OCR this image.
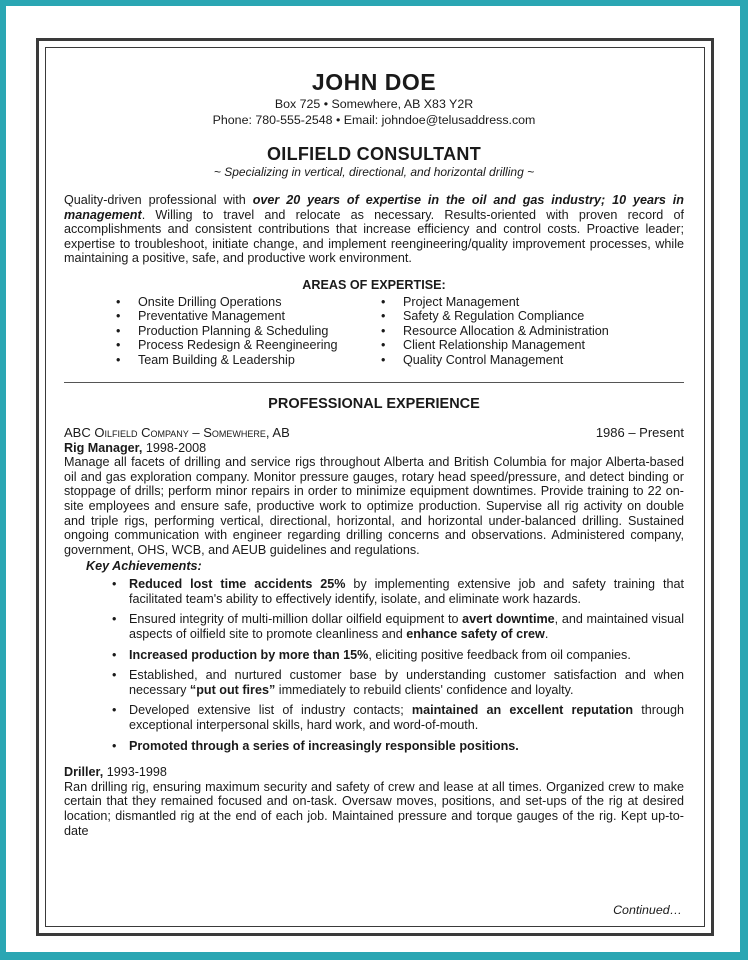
JOHN DOE
Box 725 • Somewhere, AB X83 Y2R
Phone: 780-555-2548 • Email: johndoe@telusaddress.com
OILFIELD CONSULTANT
~ Specializing in vertical, directional, and horizontal drilling ~
Quality-driven professional with over 20 years of expertise in the oil and gas industry; 10 years in management. Willing to travel and relocate as necessary. Results-oriented with proven record of accomplishments and consistent contributions that increase efficiency and control costs. Proactive leader; expertise to troubleshoot, initiate change, and implement reengineering/quality improvement processes, while maintaining a positive, safe, and productive work environment.
AREAS OF EXPERTISE:
• Onsite Drilling Operations
• Preventative Management
• Production Planning & Scheduling
• Process Redesign & Reengineering
• Team Building & Leadership
• Project Management
• Safety & Regulation Compliance
• Resource Allocation & Administration
• Client Relationship Management
• Quality Control Management
PROFESSIONAL EXPERIENCE
ABC Oilfield Company – Somewhere, AB	1986 – Present
Rig Manager, 1998-2008
Manage all facets of drilling and service rigs throughout Alberta and British Columbia for major Alberta-based oil and gas exploration company. Monitor pressure gauges, rotary head speed/pressure, and detect binding or stoppage of drills; perform minor repairs in order to minimize equipment downtimes. Provide training to 22 on-site employees and ensure safe, productive work to optimize production. Supervise all rig activity on double and triple rigs, performing vertical, directional, horizontal, and horizontal under-balanced drilling. Sustained ongoing communication with engineer regarding drilling concerns and observations. Administered company, government, OHS, WCB, and AEUB guidelines and regulations.
Key Achievements:
• Reduced lost time accidents 25% by implementing extensive job and safety training that facilitated team's ability to effectively identify, isolate, and eliminate work hazards.
• Ensured integrity of multi-million dollar oilfield equipment to avert downtime, and maintained visual aspects of oilfield site to promote cleanliness and enhance safety of crew.
• Increased production by more than 15%, eliciting positive feedback from oil companies.
• Established, and nurtured customer base by understanding customer satisfaction and when necessary “put out fires” immediately to rebuild clients' confidence and loyalty.
• Developed extensive list of industry contacts; maintained an excellent reputation through exceptional interpersonal skills, hard work, and word-of-mouth.
• Promoted through a series of increasingly responsible positions.
Driller, 1993-1998
Ran drilling rig, ensuring maximum security and safety of crew and lease at all times. Organized crew to make certain that they remained focused and on-task. Oversaw moves, positions, and set-ups of the rig at desired location; dismantled rig at the end of each job. Maintained pressure and torque gauges of the rig. Kept up-to-date
Continued…
